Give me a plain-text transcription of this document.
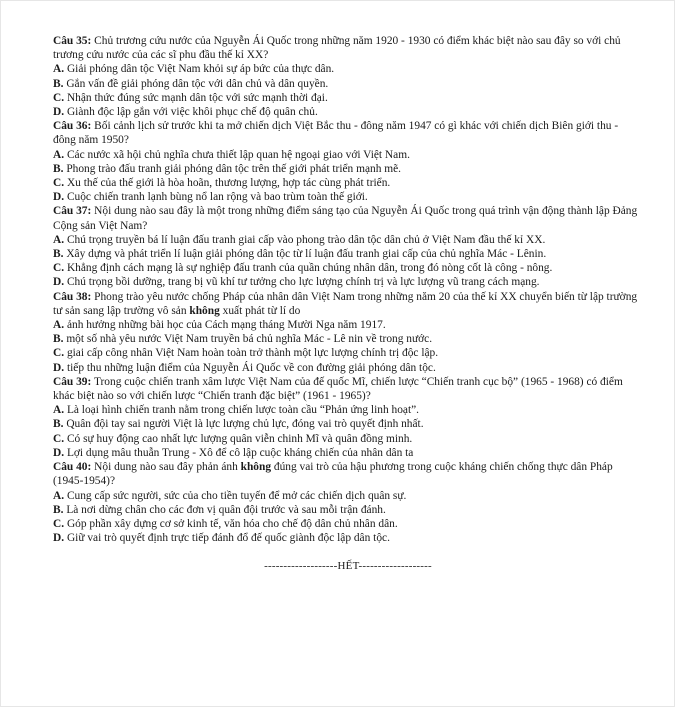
Câu 35: Chủ trương cứu nước của Nguyễn Ái Quốc trong những năm 1920 - 1930 có điểm khác biệt nào sau đây so với chủ trương cứu nước của các sĩ phu đầu thế kỉ XX?

A. Giải phóng dân tộc Việt Nam khỏi sự áp bức của thực dân.

B. Gắn vấn đề giải phóng dân tộc với dân chủ và dân quyền.

C. Nhận thức đúng sức mạnh dân tộc với sức mạnh thời đại.

D. Giành độc lập gắn với việc khôi phục chế độ quân chủ.

Câu 36: Bối cảnh lịch sử trước khi ta mở chiến dịch Việt Bắc thu - đông năm 1947 có gì khác với chiến dịch Biên giới thu - đông năm 1950?

A. Các nước xã hội chủ nghĩa chưa thiết lập quan hệ ngoại giao với Việt Nam.

B. Phong trào đấu tranh giải phóng dân tộc trên thế giới phát triển mạnh mẽ.

C. Xu thế của thế giới là hòa hoãn, thương lượng, hợp tác cùng phát triển.

D. Cuộc chiến tranh lạnh bùng nổ lan rộng và bao trùm toàn thế giới.

Câu 37: Nội dung nào sau đây là một trong những điểm sáng tạo của Nguyễn Ái Quốc trong quá trình vận động thành lập Đảng Cộng sản Việt Nam?

A. Chú trọng truyền bá lí luận đấu tranh giai cấp vào phong trào dân tộc dân chủ ở Việt Nam đầu thế kỉ XX.

B. Xây dựng và phát triển lí luận giải phóng dân tộc từ lí luận đấu tranh giai cấp của chủ nghĩa Mác - Lênin.

C. Khẳng định cách mạng là sự nghiệp đấu tranh của quần chúng nhân dân, trong đó nòng cốt là công - nông.

D. Chú trọng bồi dưỡng, trang bị vũ khí tư tưởng cho lực lượng chính trị và lực lượng vũ trang cách mạng.

Câu 38: Phong trào yêu nước chống Pháp của nhân dân Việt Nam trong những năm 20 của thế kỉ XX chuyển biến từ lập trường tư sản sang lập trường vô sản không xuất phát từ lí do

A. ảnh hưởng những bài học của Cách mạng tháng Mười Nga năm 1917.

B. một số nhà yêu nước Việt Nam truyền bá chủ nghĩa Mác - Lê nin về trong nước.

C. giai cấp công nhân Việt Nam hoàn toàn trở thành một lực lượng chính trị độc lập.

D. tiếp thu những luận điểm của Nguyễn Ái Quốc về con đường giải phóng dân tộc.

Câu 39: Trong cuộc chiến tranh xâm lược Việt Nam của đế quốc Mĩ, chiến lược “Chiến tranh cục bộ” (1965 - 1968) có điểm khác biệt nào so với chiến lược “Chiến tranh đặc biệt” (1961 - 1965)?

A. Là loại hình chiến tranh nằm trong chiến lược toàn cầu “Phản ứng linh hoạt”.

B. Quân đội tay sai người Việt là lực lượng chủ lực, đóng vai trò quyết định nhất.

C. Có sự huy động cao nhất lực lượng quân viễn chinh Mĩ và quân đồng minh.

D. Lợi dụng mâu thuẫn Trung - Xô để cô lập cuộc kháng chiến của nhân dân ta

Câu 40: Nội dung nào sau đây phản ánh không đúng vai trò của hậu phương trong cuộc kháng chiến chống thực dân Pháp (1945-1954)?

A. Cung cấp sức người, sức của cho tiền tuyến để mở các chiến dịch quân sự.

B. Là nơi dừng chân cho các đơn vị quân đội trước và sau mỗi trận đánh.

C. Góp phần xây dựng cơ sở kinh tế, văn hóa cho chế độ dân chủ nhân dân.

D. Giữ vai trò quyết định trực tiếp đánh đổ đế quốc giành độc lập dân tộc.

-------------------HẾT-------------------
